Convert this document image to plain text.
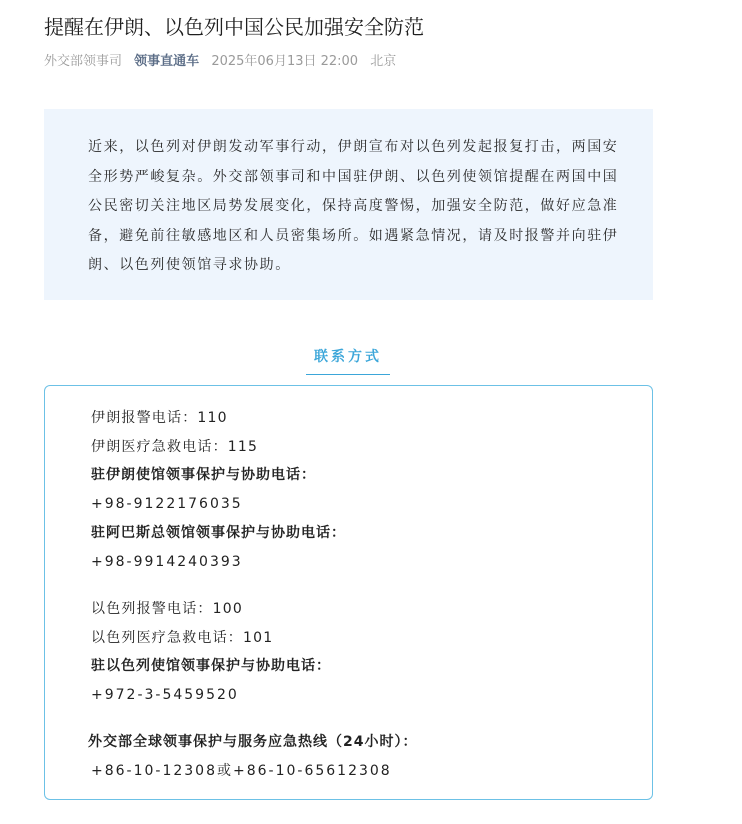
提醒在伊朗、以色列中国公民加强安全防范
外交部领事司 领事直通车 2025年06月13日 22:00 北京

近来，以色列对伊朗发动军事行动，伊朗宣布对以色列发起报复打击，两国安全形势严峻复杂。外交部领事司和中国驻伊朗、以色列使领馆提醒在两国中国公民密切关注地区局势发展变化，保持高度警惕，加强安全防范，做好应急准备，避免前往敏感地区和人员密集场所。如遇紧急情况，请及时报警并向驻伊朗、以色列使领馆寻求协助。

联系方式
伊朗报警电话：110
伊朗医疗急救电话：115
驻伊朗使馆领事保护与协助电话：
+98-9122176035
驻阿巴斯总领馆领事保护与协助电话：
+98-9914240393
以色列报警电话：100
以色列医疗急救电话：101
驻以色列使馆领事保护与协助电话：
+972-3-5459520
外交部全球领事保护与服务应急热线（24小时）：
+86-10-12308或+86-10-65612308
